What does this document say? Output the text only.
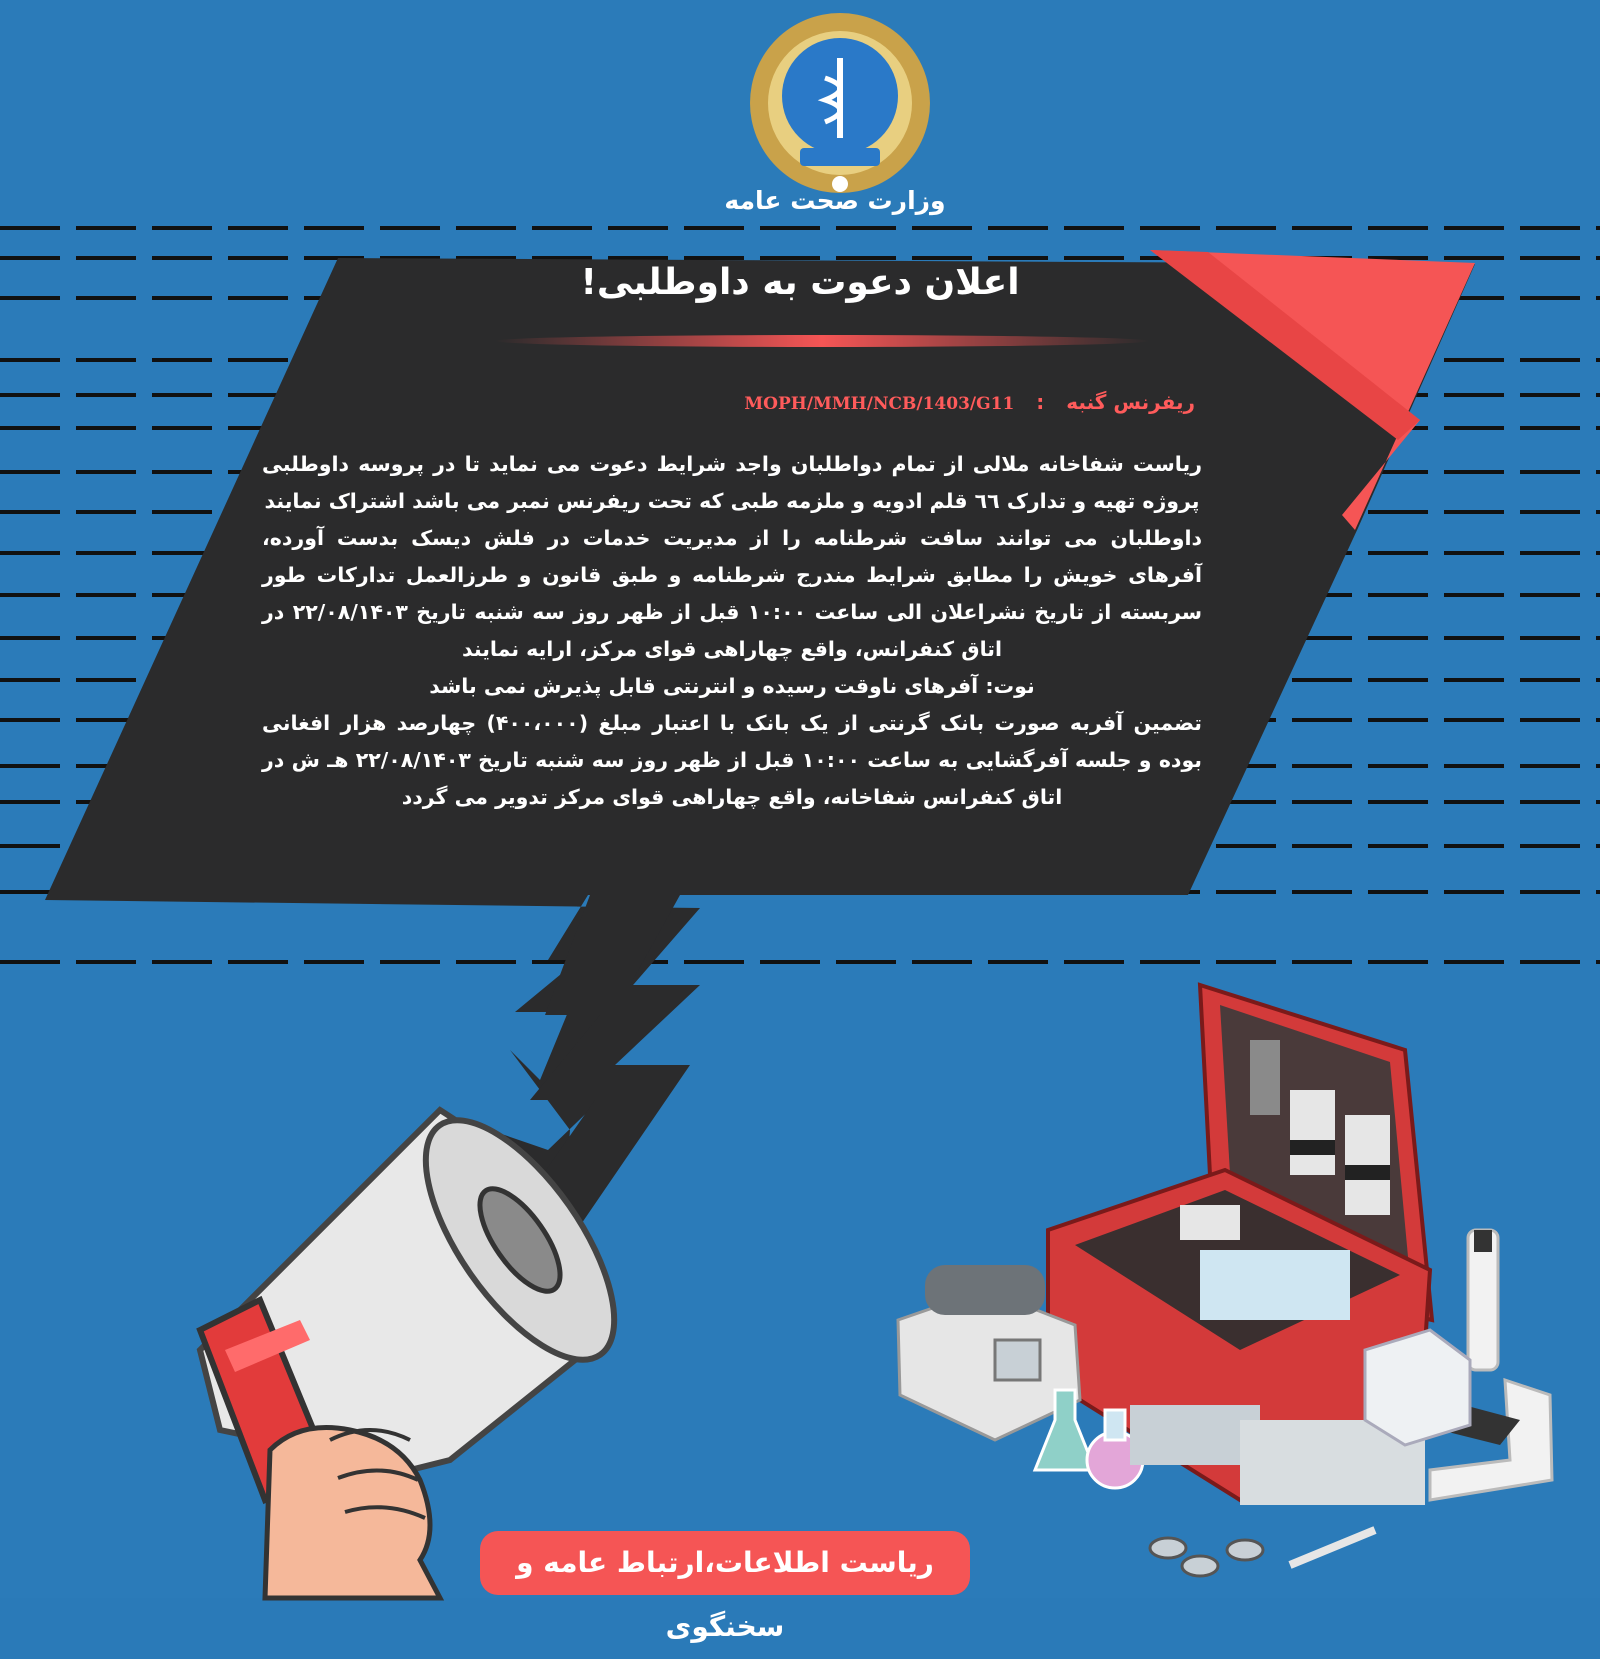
وزارت صحت عامه
اعلان دعوت به داوطلبی!
ریفرنس گنبه:MOPH/MMH/NCB/1403/G11

ریاست شفاخانه ملالی از تمام دواطلبان واجد شرایط دعوت می نماید تا در پروسه داوطلبی پروژه تهیه و تدارک ٦٦ قلم ادویه و ملزمه طبی که تحت ریفرنس نمبر می باشد اشتراک نمایند

داوطلبان می توانند سافت شرطنامه را از مدیریت خدمات در فلش دیسک بدست آورده، آفرهای خویش را مطابق شرایط مندرج شرطنامه و طبق قانون و طرزالعمل تدارکات طور سربسته از تاریخ نشراعلان الی ساعت ۱۰:۰۰ قبل از ظهر روز سه شنبه تاریخ ۲۲/۰۸/۱۴۰۳ در اتاق کنفرانس، واقع چهاراهی قوای مرکز، ارایه نمایند

نوت: آفرهای ناوقت رسیده و انترنتی قابل پذیرش نمی باشد

تضمین آفربه صورت بانک گرنتی از یک بانک با اعتبار مبلغ (۴۰۰،۰۰۰) چهارصد هزار افغانی بوده و جلسه آفرگشایی به ساعت ۱۰:۰۰ قبل از ظهر روز سه شنبه تاریخ ۲۲/۰۸/۱۴۰۳ هـ ش در اتاق کنفرانس شفاخانه، واقع چهاراهی قوای مرکز تدویر می گردد

ریاست اطلاعات،ارتباط عامه و سخنگوی
